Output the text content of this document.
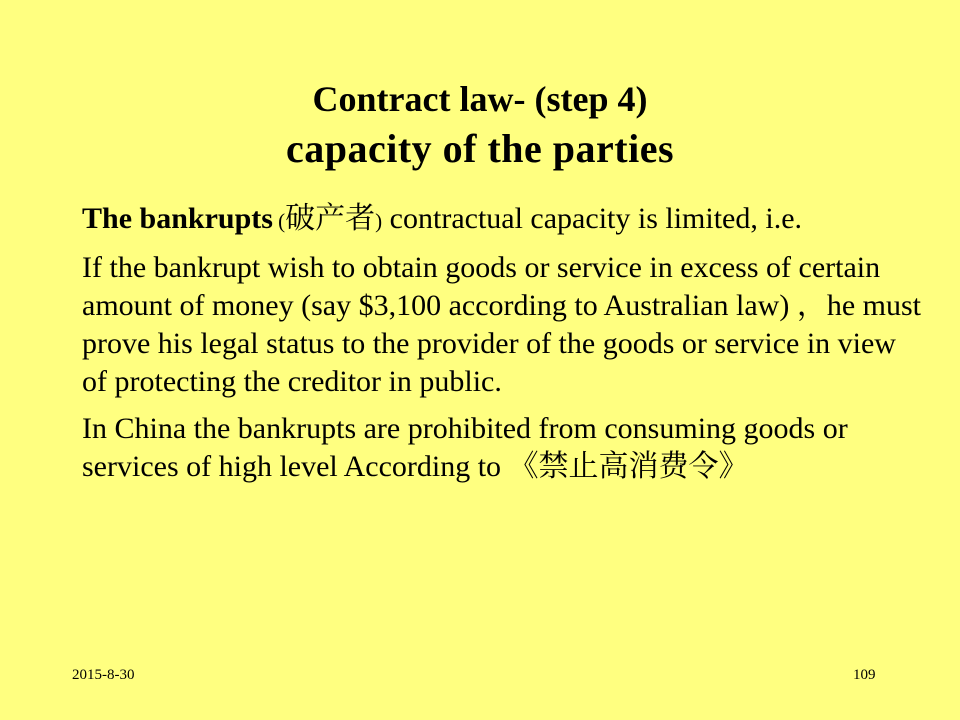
Contract law- (step 4)
capacity of the parties

The bankrupts (破产者) contractual capacity is limited, i.e.

If the bankrupt wish to obtain goods or service in excess of certain amount of money (say $3,100 according to Australian law) ，he must prove his legal status to the provider of the goods or service in view of protecting the creditor in public.

In China the bankrupts are prohibited from consuming goods or services of high level According to 《禁止高消费令》

2015-8-30	109
